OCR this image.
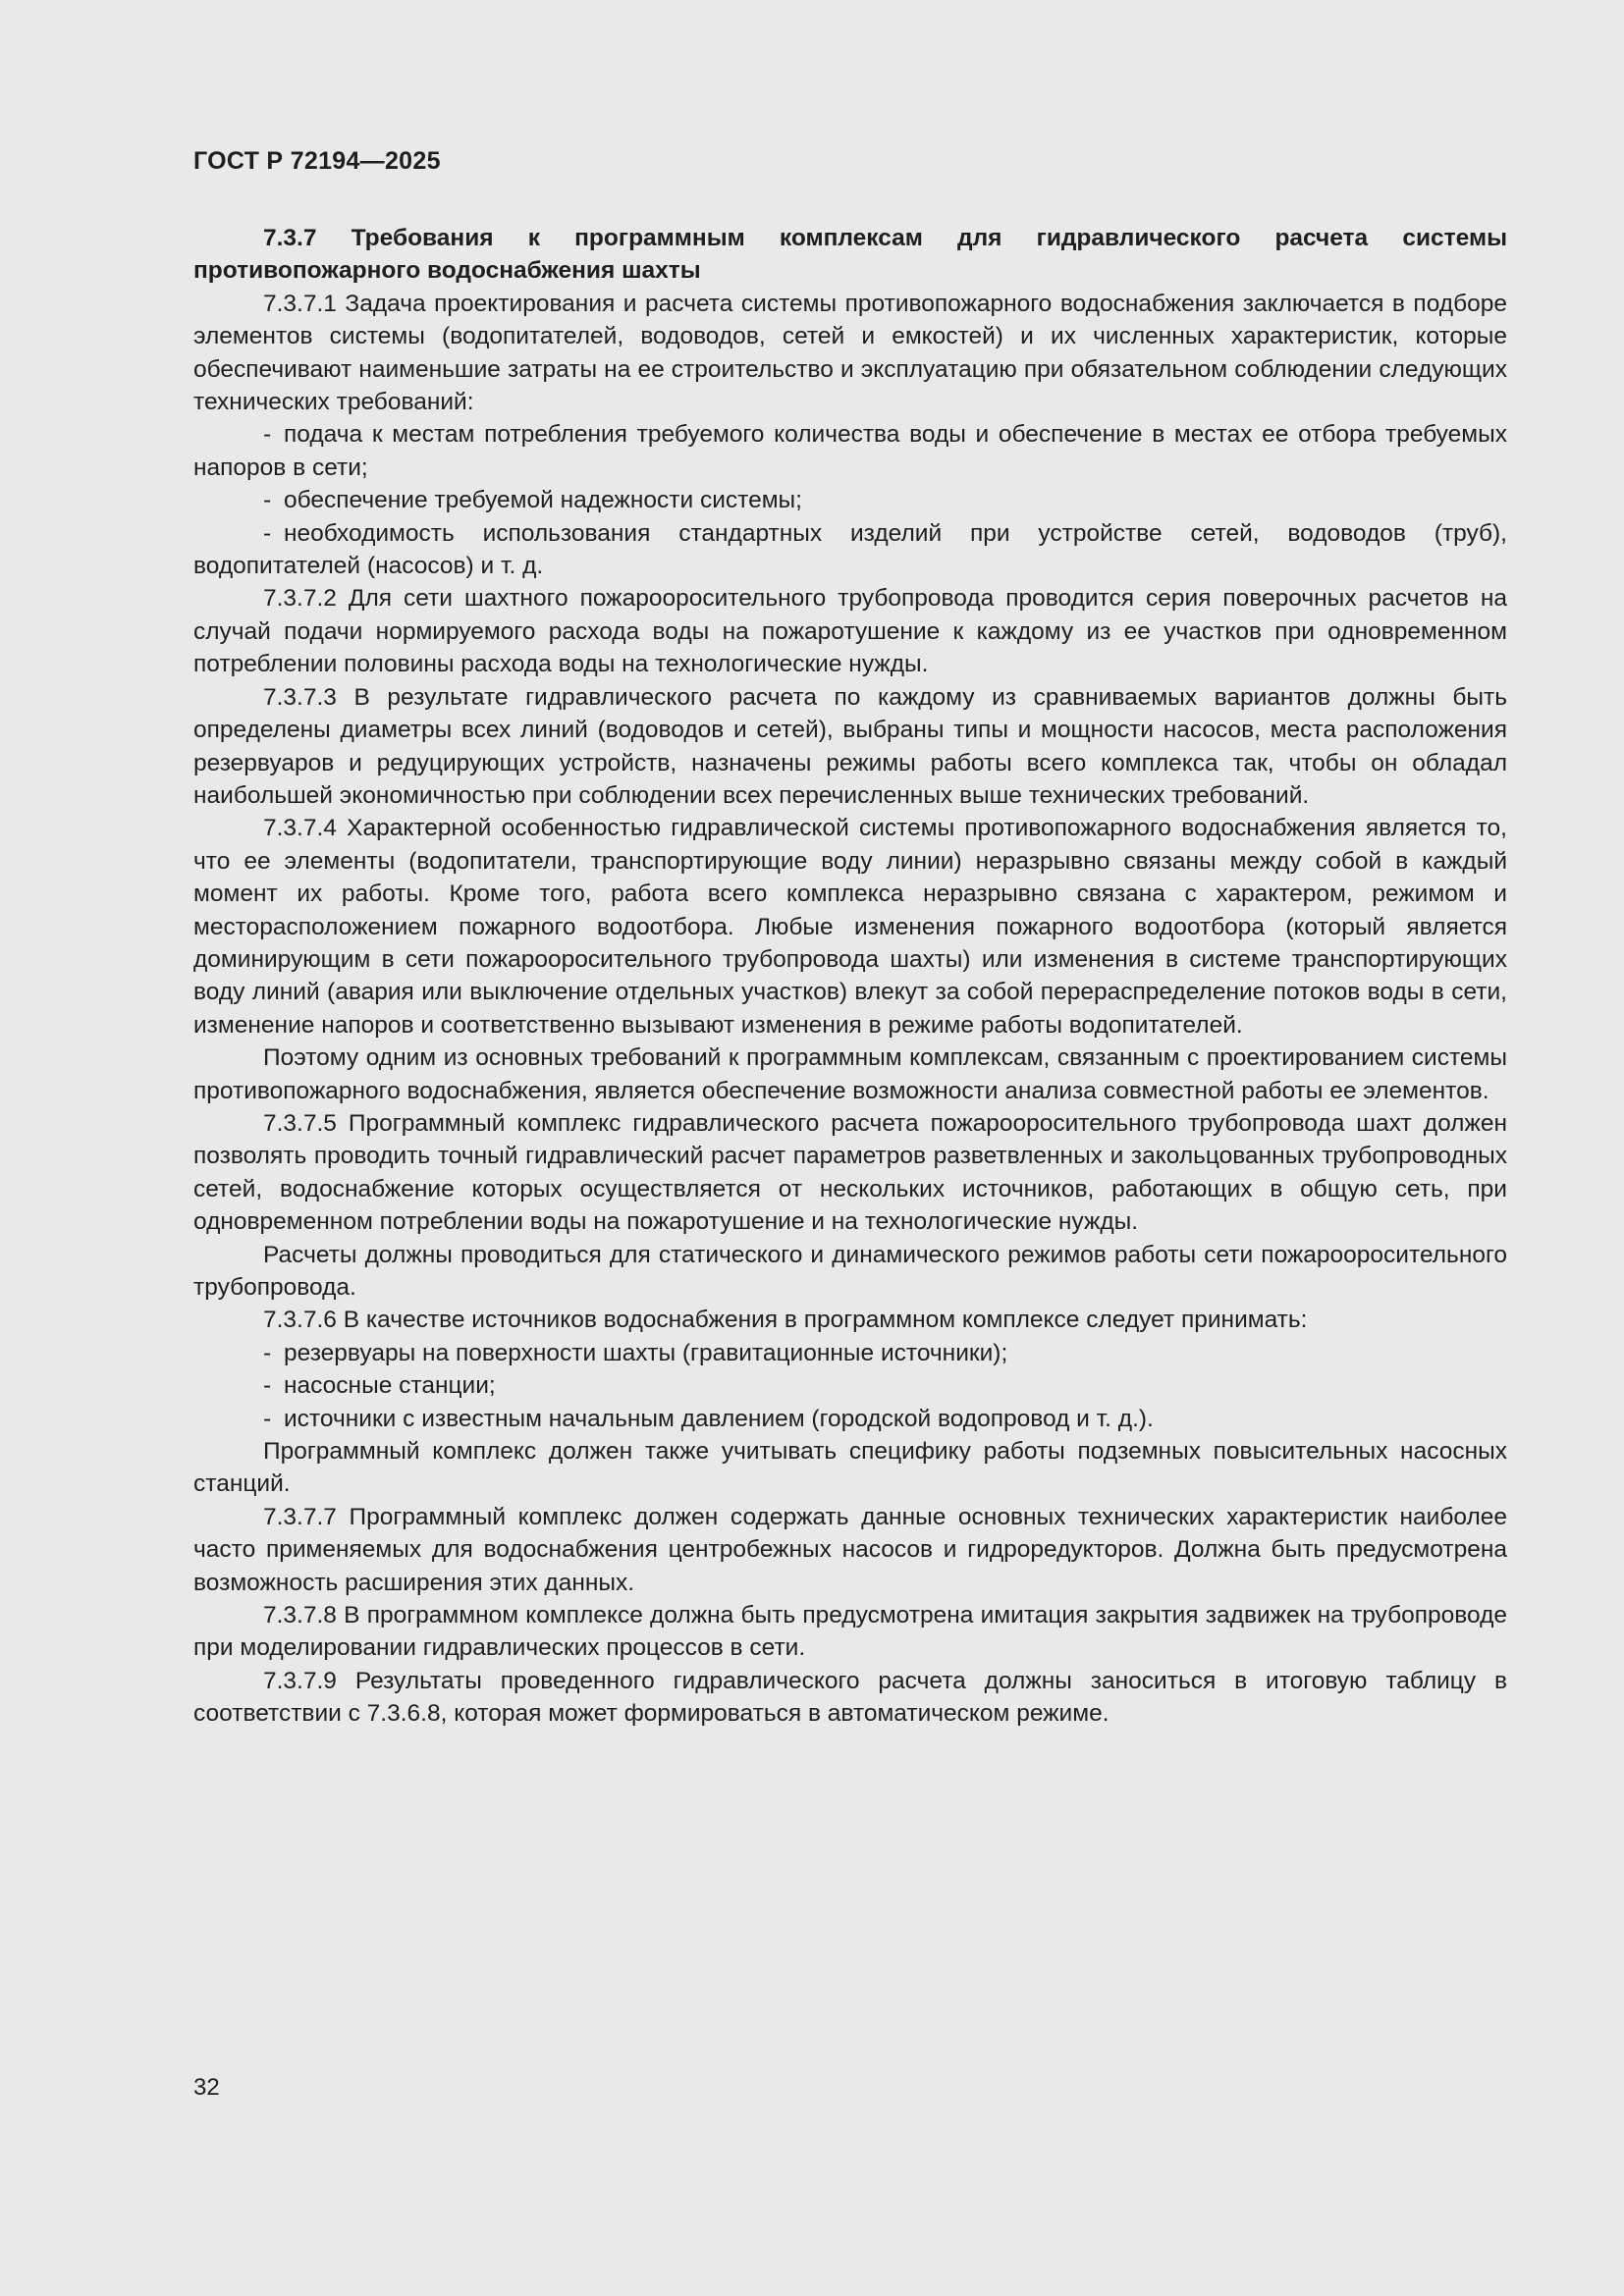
ГОСТ Р 72194—2025

7.3.7 Требования к программным комплексам для гидравлического расчета системы противопожарного водоснабжения шахты

7.3.7.1 Задача проектирования и расчета системы противопожарного водоснабжения заключается в подборе элементов системы (водопитателей, водоводов, сетей и емкостей) и их численных характеристик, которые обеспечивают наименьшие затраты на ее строительство и эксплуатацию при обязательном соблюдении следующих технических требований:

- подача к местам потребления требуемого количества воды и обеспечение в местах ее отбора требуемых напоров в сети;

- обеспечение требуемой надежности системы;

- необходимость использования стандартных изделий при устройстве сетей, водоводов (труб), водопитателей (насосов) и т. д.

7.3.7.2 Для сети шахтного пожарооросительного трубопровода проводится серия поверочных расчетов на случай подачи нормируемого расхода воды на пожаротушение к каждому из ее участков при одновременном потреблении половины расхода воды на технологические нужды.

7.3.7.3 В результате гидравлического расчета по каждому из сравниваемых вариантов должны быть определены диаметры всех линий (водоводов и сетей), выбраны типы и мощности насосов, места расположения резервуаров и редуцирующих устройств, назначены режимы работы всего комплекса так, чтобы он обладал наибольшей экономичностью при соблюдении всех перечисленных выше технических требований.

7.3.7.4 Характерной особенностью гидравлической системы противопожарного водоснабжения является то, что ее элементы (водопитатели, транспортирующие воду линии) неразрывно связаны между собой в каждый момент их работы. Кроме того, работа всего комплекса неразрывно связана с характером, режимом и месторасположением пожарного водоотбора. Любые изменения пожарного водоотбора (который является доминирующим в сети пожарооросительного трубопровода шахты) или изменения в системе транспортирующих воду линий (авария или выключение отдельных участков) влекут за собой перераспределение потоков воды в сети, изменение напоров и соответственно вызывают изменения в режиме работы водопитателей.

Поэтому одним из основных требований к программным комплексам, связанным с проектированием системы противопожарного водоснабжения, является обеспечение возможности анализа совместной работы ее элементов.

7.3.7.5 Программный комплекс гидравлического расчета пожарооросительного трубопровода шахт должен позволять проводить точный гидравлический расчет параметров разветвленных и закольцованных трубопроводных сетей, водоснабжение которых осуществляется от нескольких источников, работающих в общую сеть, при одновременном потреблении воды на пожаротушение и на технологические нужды.

Расчеты должны проводиться для статического и динамического режимов работы сети пожарооросительного трубопровода.

7.3.7.6 В качестве источников водоснабжения в программном комплексе следует принимать:

- резервуары на поверхности шахты (гравитационные источники);

- насосные станции;

- источники с известным начальным давлением (городской водопровод и т. д.).

Программный комплекс должен также учитывать специфику работы подземных повысительных насосных станций.

7.3.7.7 Программный комплекс должен содержать данные основных технических характеристик наиболее часто применяемых для водоснабжения центробежных насосов и гидроредукторов. Должна быть предусмотрена возможность расширения этих данных.

7.3.7.8 В программном комплексе должна быть предусмотрена имитация закрытия задвижек на трубопроводе при моделировании гидравлических процессов в сети.

7.3.7.9 Результаты проведенного гидравлического расчета должны заноситься в итоговую таблицу в соответствии с 7.3.6.8, которая может формироваться в автоматическом режиме.

32
